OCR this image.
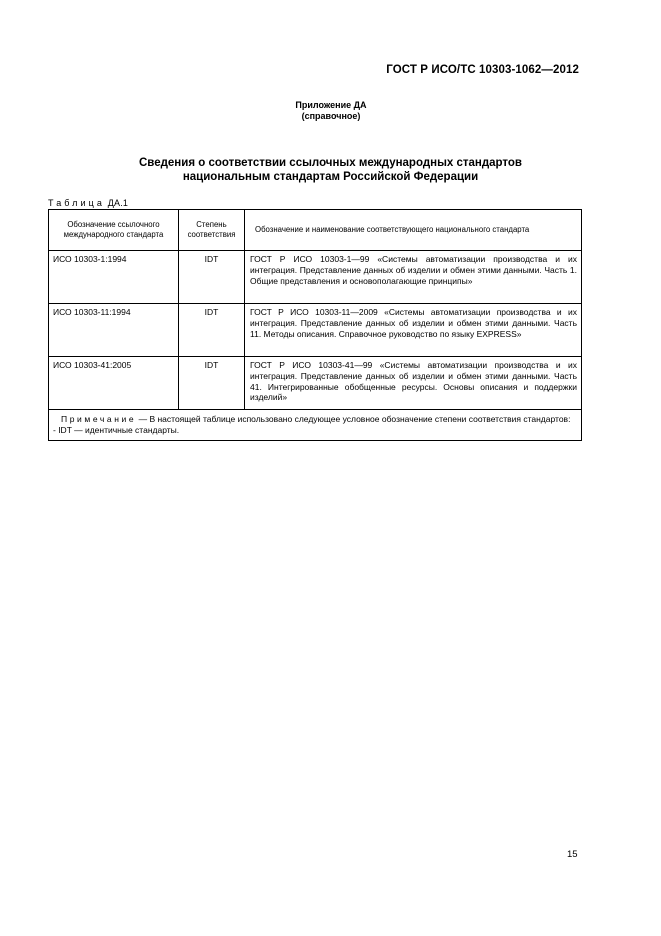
ГОСТ Р ИСО/ТС 10303-1062—2012
Приложение ДА
(справочное)
Сведения о соответствии ссылочных международных стандартов
национальным стандартам Российской Федерации
Таблица ДА.1
Обозначение ссылочного международного стандарта	Степень соответствия	Обозначение и наименование соответствующего национального стандарта
ИСО 10303-1:1994	IDT	ГОСТ Р ИСО 10303-1—99 «Системы автоматизации производства и их интеграция. Представление данных об изделии и обмен этими данными. Часть 1. Общие представления и основополагающие принципы»
ИСО 10303-11:1994	IDT	ГОСТ Р ИСО 10303-11—2009 «Системы автоматизации производства и их интеграция. Представление данных об изделии и обмен этими данными. Часть 11. Методы описания. Справочное руководство по языку EXPRESS»
ИСО 10303-41:2005	IDT	ГОСТ Р ИСО 10303-41—99 «Системы автоматизации производства и их интеграция. Представление данных об изделии и обмен этими данными. Часть 41. Интегрированные обобщенные ресурсы. Основы описания и поддержки изделий»
Примечание — В настоящей таблице использовано следующее условное обозначение степени соответствия стандартов:
- IDT — идентичные стандарты.		
15
